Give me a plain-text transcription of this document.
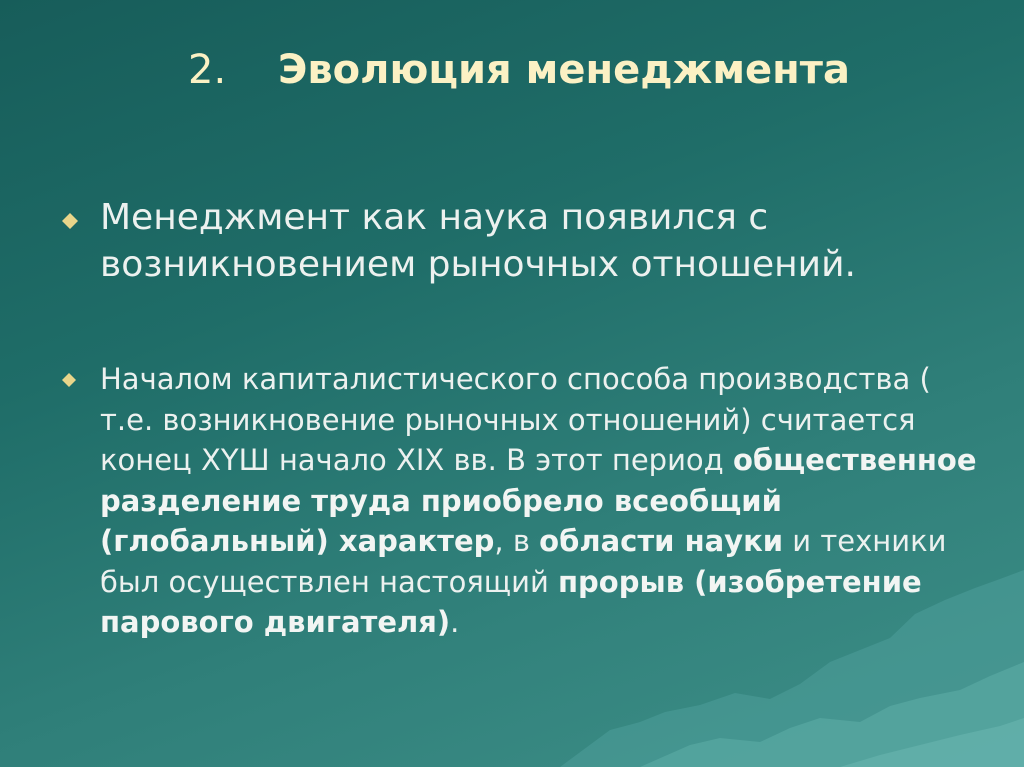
2. Эволюция менеджмента
Менеджмент как наука появился с возникновением рыночных отношений.
Началом капиталистического способа производства ( т.е. возникновение рыночных отношений) считается конец XYШ начало XIX вв. В этот период общественное разделение труда приобрело всеобщий (глобальный) характер, в области науки и техники был осуществлен настоящий прорыв (изобретение парового двигателя).
